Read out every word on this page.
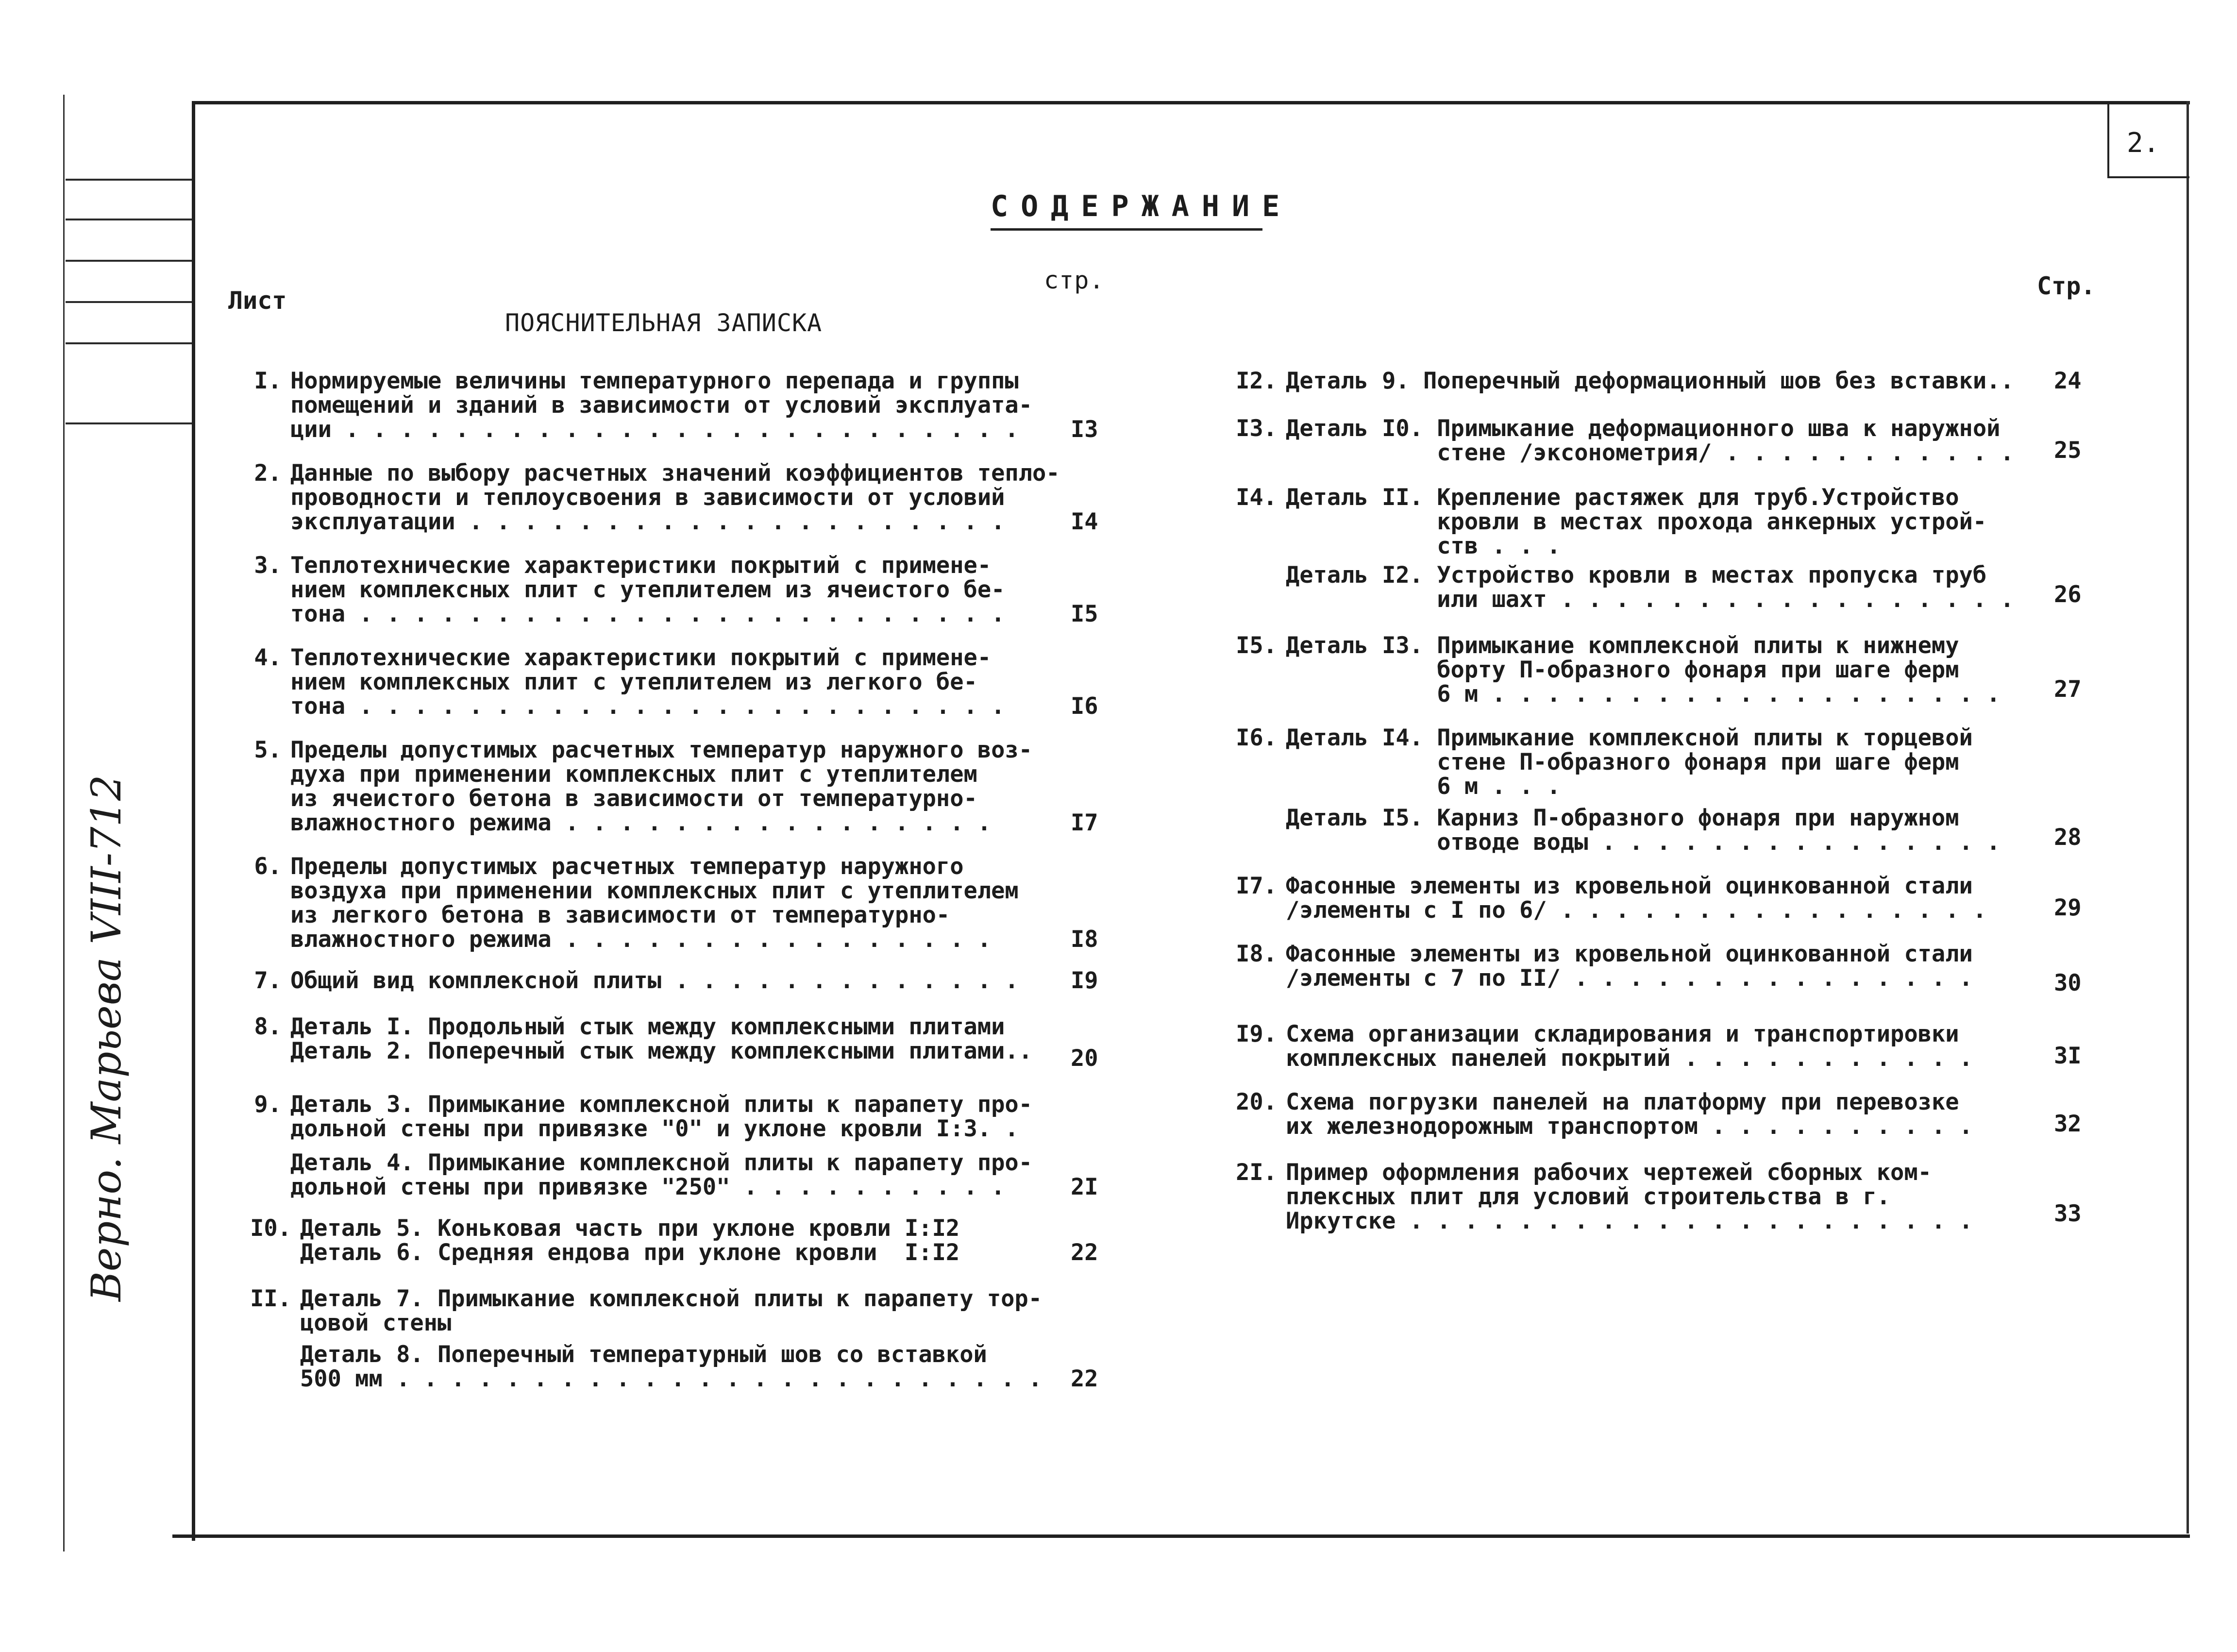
2.
СОДЕРЖАНИЕ
Лист
стр.
ПОЯСНИТЕЛЬНАЯ ЗАПИСКА
Стр.
I. Нормируемые величины температурного перепада и группы
помещений и зданий в зависимости от условий эксплуата-
ции . . . . . . . . . . . . . . . . . . . . . . . . .	I3
2. Данные по выбору расчетных значений коэффициентов тепло-
проводности и теплоусвоения в зависимости от условий
эксплуатации . . . . . . . . . . . . . . . . . . . .	I4
3. Теплотехнические характеристики покрытий с примене-
нием комплексных плит с утеплителем из ячеистого бе-
тона . . . . . . . . . . . . . . . . . . . . . . . .	I5
4. Теплотехнические характеристики покрытий с примене-
нием комплексных плит с утеплителем из легкого бе-
тона . . . . . . . . . . . . . . . . . . . . . . . .	I6
5. Пределы допустимых расчетных температур наружного воз-
духа при применении комплексных плит с утеплителем
из ячеистого бетона в зависимости от температурно-
влажностного режима . . . . . . . . . . . . . . . .	I7
6. Пределы допустимых расчетных температур наружного
воздуха при применении комплексных плит с утеплителем
из легкого бетона в зависимости от температурно-
влажностного режима . . . . . . . . . . . . . . . .	I8
7. Общий вид комплексной плиты . . . . . . . . . . . . . I9
8. Деталь I. Продольный стык между комплексными плитами
Деталь 2. Поперечный стык между комплексными плитами.. 20
9. Деталь 3. Примыкание комплексной плиты к парапету про-
дольной стены при привязке "0" и уклоне кровли I:3. .
Деталь 4. Примыкание комплексной плиты к парапету про-
дольной стены при привязке "250" . . . . . . . . . .	2I
I0. Деталь 5. Коньковая часть при уклоне кровли I:I2
Деталь 6. Средняя ендова при уклоне кровли  I:I2	22
II. Деталь 7. Примыкание комплексной плиты к парапету тор-
цовой стены
Деталь 8. Поперечный температурный шов со вставкой
500 мм . . . . . . . . . . . . . . . . . . . . . . . . 22
I2. Деталь 9. Поперечный деформационный шов без вставки.. 24
I3. Деталь I0. Примыкание деформационного шва к наружной
стене /экcонометрия/ . . . . . . . . . . . 25
I4. Деталь II. Крепление растяжек для труб.Устройство
кровли в местах прохода анкерных устрой-
ств . . .
Деталь I2. Устройство кровли в местах пропуска труб
или шахт . . . . . . . . . . . . . . . . . 26
I5. Деталь I3. Примыкание комплексной плиты к нижнему
борту П-образного фонаря при шаге ферм
6 м . . . . . . . . . . . . . . . . . . . 27
I6. Деталь I4. Примыкание комплексной плиты к торцевой
стене П-образного фонаря при шаге ферм
6 м . . .
Деталь I5. Карниз П-образного фонаря при наружном
отводе воды . . . . . . . . . . . . . . . 28
I7. Фасонные элементы из кровельной оцинкованной стали
/элементы с I по 6/ . . . . . . . . . . . . . . . .	29
I8. Фасонные элементы из кровельной оцинкованной стали
/элементы с 7 по II/ . . . . . . . . . . . . . . .	30
I9. Схема организации складирования и транспортировки
комплексных панелей покрытий . . . . . . . . . . .	3I
20. Схема погрузки панелей на платформу при перевозке
их железнодорожным транспортом . . . . . . . . . .	32
2I. Пример оформления рабочих чертежей сборных ком-
плексных плит для условий строительства в г.
Иркутске . . . . . . . . . . . . . . . . . . . . .	33
Верно. Марьева VIII-712
